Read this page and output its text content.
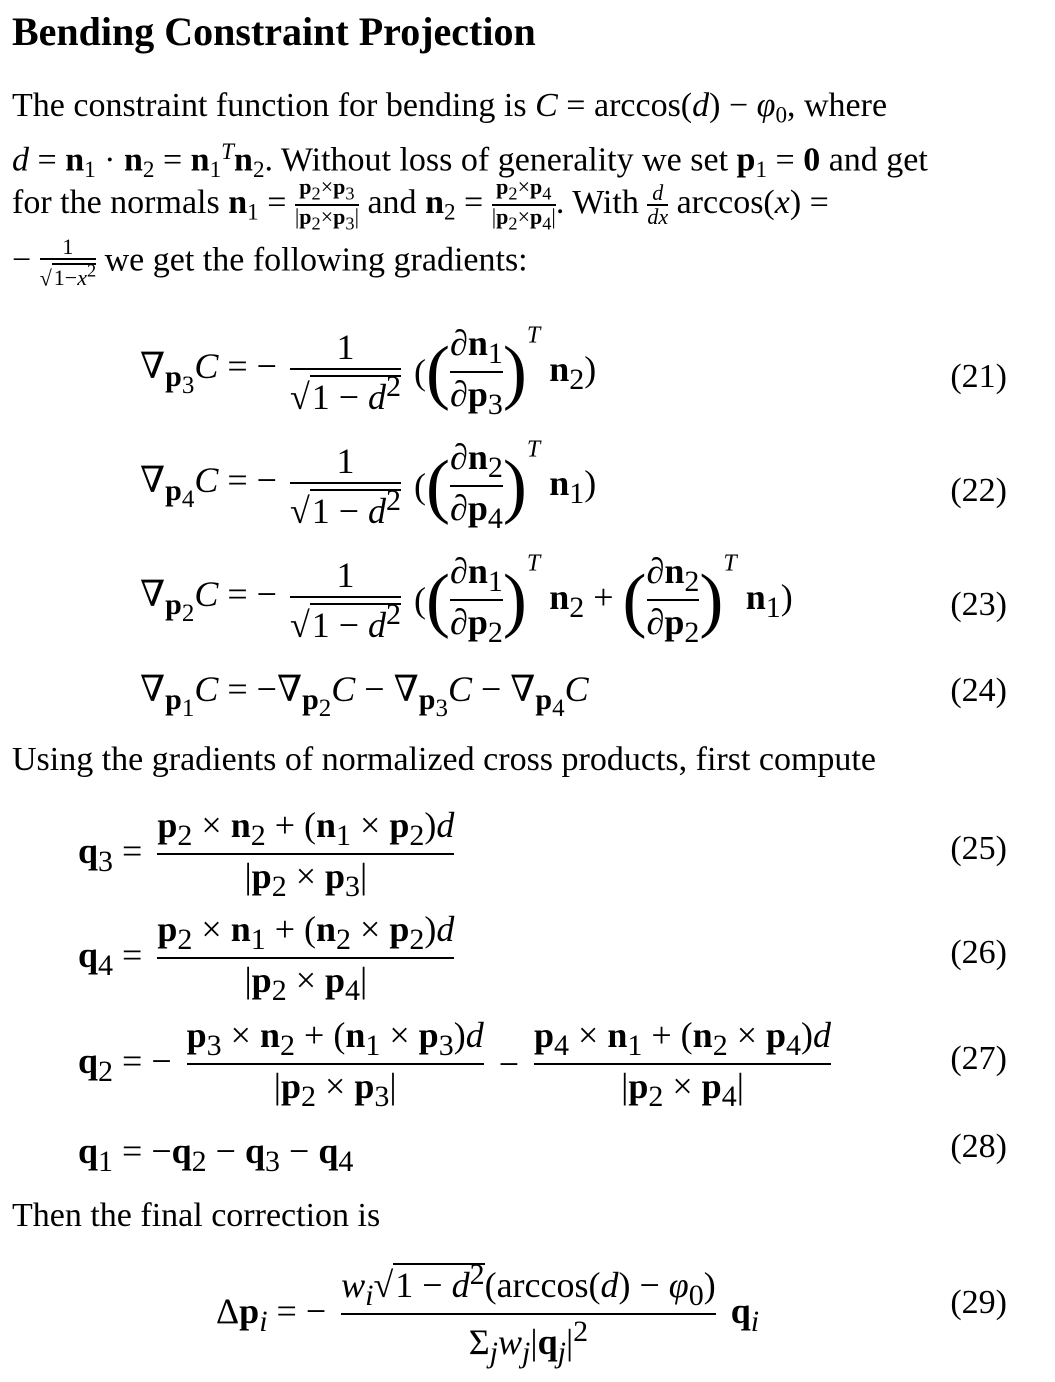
Bending Constraint Projection
The constraint function for bending is $C = \arccos(d) - \varphi_0$, where
$d = n_1 \cdot n_2 = n_1^Tn_2$. Without loss of generality we set $p_1 = 0$ and get
for the normals $n_1 = \frac{p_2\times p_3}{|p_2\times p_3|}$ and $n_2 = \frac{p_2\times p_4}{|p_2\times p_4|}$ . With $\frac{d}{dx} \arccos(x)$ =
− $\frac{1}{√1-x^2}$ we get the following gradients:
$\nabla_{p_3}C$ = − $\frac{1}{√1 - d^2}$ (( $\frac{\partial n_1}{\partial p_3} )^T$ $n_2$)	(21)
$\nabla_{p_4}C$ = − $\frac{1}{√1 - d^2}$ (( $\frac{\partial n_2}{\partial p_4} )^T$ $n_1$)	(22)
$\nabla_{p_2}C$ = − $\frac{1}{√1 - d^2}$ (( $\frac{\partial n_1}{\partial p_2} )^T$ $n_2$ + ( $\frac{\partial n_2}{\partial p_2} )^T$ $n_1$)	(23)
$\nabla_{p_1}C = -\nabla_{p_2}C - \nabla_{p_3}C - \nabla_{p_4}C$	(24)
Using the gradients of normalized cross products, first compute
$q_3 = \frac{p_2 \times n_2 + (n_1 \times p_2)d}{|p_2 \times p_3|}$	(25)
$q_4 = \frac{p_2 \times n_1 + (n_2 \times p_2)d}{|p_2 \times p_4|}$	(26)
$q_2$ = − $\frac{p_3 \times n_2 + (n_1 \times p_3)d}{|p_2 \times p_3|} - \frac{p_4 \times n_1 + (n_2 \times p_4)d}{|p_2 \times p_4|}$	(27)
$q_1 = -q_2 - q_3 - q_4$	(28)
Then the final correction is
$\Delta p_i$ = − $\frac{w_i√1 - d^2(\arccos(d) - \varphi_0)}{\Sigma_jw_j|q_j|^2} q_i$
(29)
